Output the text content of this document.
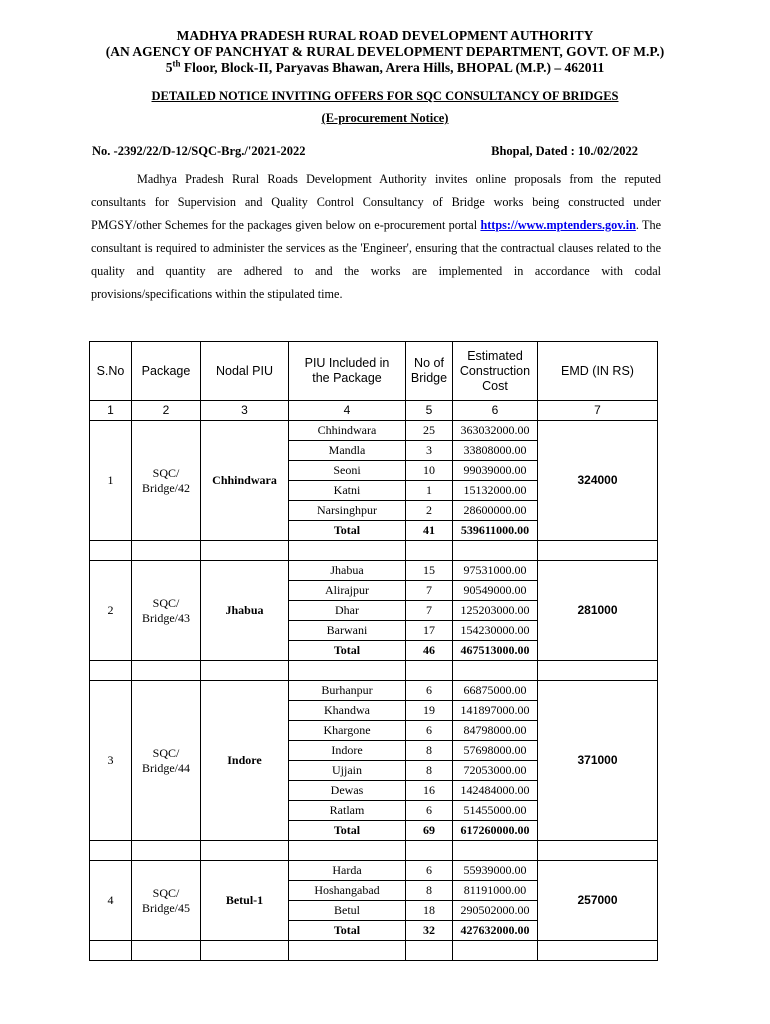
MADHYA PRADESH RURAL ROAD DEVELOPMENT AUTHORITY
(AN AGENCY OF PANCHYAT & RURAL DEVELOPMENT DEPARTMENT, GOVT. OF M.P.)
5th Floor, Block-II, Paryavas Bhawan, Arera Hills, BHOPAL (M.P.) – 462011
DETAILED NOTICE INVITING OFFERS FOR SQC CONSULTANCY OF BRIDGES
(E-procurement Notice)
No. -2392/22/D-12/SQC-Brg./'2021-2022	Bhopal, Dated : 10./02/2022
Madhya Pradesh Rural Roads Development Authority invites online proposals from the reputed consultants for Supervision and Quality Control Consultancy of Bridge works being constructed under PMGSY/other Schemes for the packages given below on e-procurement portal https://www.mptenders.gov.in. The consultant is required to administer the services as the 'Engineer', ensuring that the contractual clauses related to the quality and quantity are adhered to and the works are implemented in accordance with codal provisions/specifications within the stipulated time.
S.No	Package	Nodal PIU	PIU Included in the Package	No of Bridge	Estimated Construction Cost	EMD (IN RS)
1	2	3	4	5	6	7
1	SQC/ Bridge/42	Chhindwara	Chhindwara	25	363032000.00	324000
			Mandla	3	33808000.00	
			Seoni	10	99039000.00	
			Katni	1	15132000.00	
			Narsinghpur	2	28600000.00	
			Total	41	539611000.00	

2	SQC/ Bridge/43	Jhabua	Jhabua	15	97531000.00	281000
			Alirajpur	7	90549000.00	
			Dhar	7	125203000.00	
			Barwani	17	154230000.00	
			Total	46	467513000.00	

3	SQC/ Bridge/44	Indore	Burhanpur	6	66875000.00	371000
			Khandwa	19	141897000.00	
			Khargone	6	84798000.00	
			Indore	8	57698000.00	
			Ujjain	8	72053000.00	
			Dewas	16	142484000.00	
			Ratlam	6	51455000.00	
			Total	69	617260000.00	

4	SQC/ Bridge/45	Betul-1	Harda	6	55939000.00	257000
			Hoshangabad	8	81191000.00	
			Betul	18	290502000.00	
			Total	32	427632000.00	
